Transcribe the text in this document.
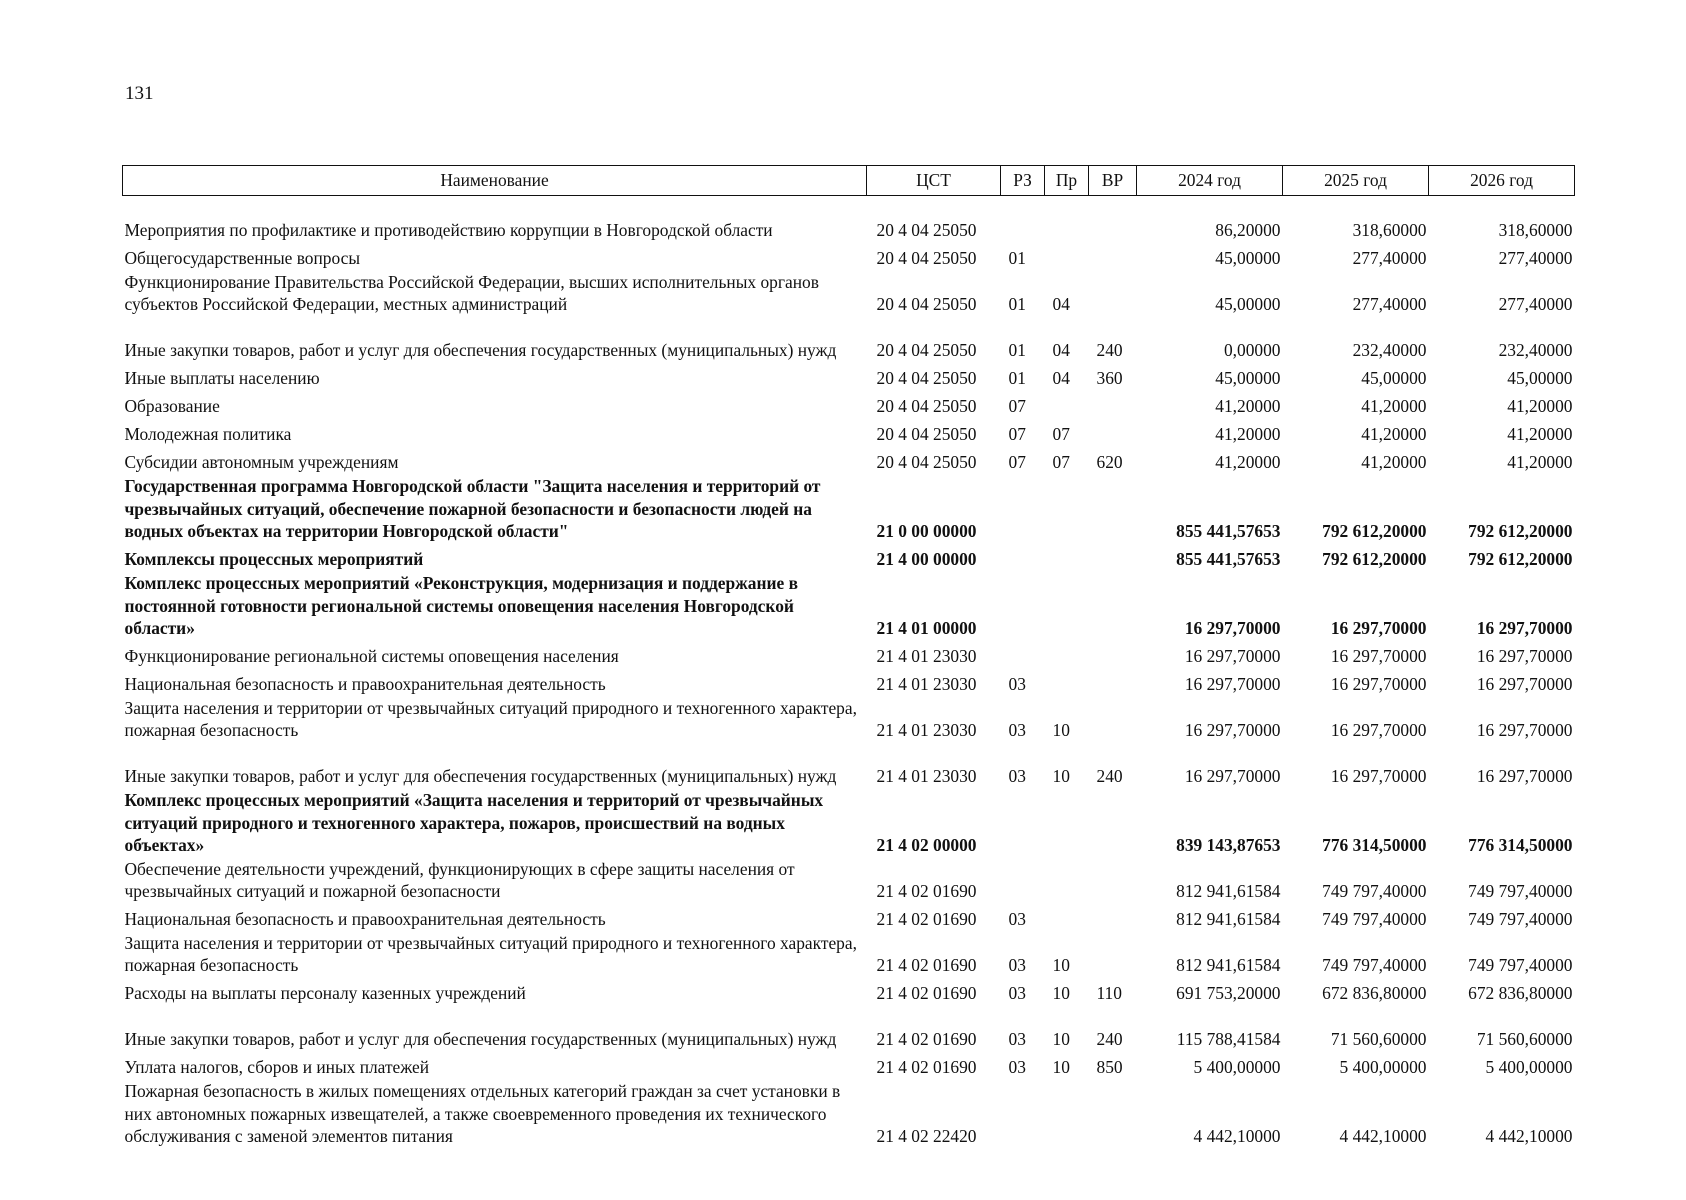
131
Наименование	ЦСТ	РЗ	Пр	ВР	2024 год	2025 год	2026 год
Мероприятия по профилактике и противодействию коррупции в Новгородской области	20 4 04 25050				86,20000	318,60000	318,60000
Общегосударственные вопросы	20 4 04 25050	01			45,00000	277,40000	277,40000
Функционирование Правительства Российской Федерации, высших исполнительных органов субъектов Российской Федерации, местных администраций	20 4 04 25050	01	04		45,00000	277,40000	277,40000
Иные закупки товаров, работ и услуг для обеспечения государственных (муниципальных) нужд	20 4 04 25050	01	04	240	0,00000	232,40000	232,40000
Иные выплаты населению	20 4 04 25050	01	04	360	45,00000	45,00000	45,00000
Образование	20 4 04 25050	07			41,20000	41,20000	41,20000
Молодежная политика	20 4 04 25050	07	07		41,20000	41,20000	41,20000
Субсидии автономным учреждениям	20 4 04 25050	07	07	620	41,20000	41,20000	41,20000
Государственная программа Новгородской области "Защита населения и территорий от чрезвычайных ситуаций, обеспечение пожарной безопасности и безопасности людей на водных объектах на территории Новгородской области"	21 0 00 00000				855 441,57653	792 612,20000	792 612,20000
Комплексы процессных мероприятий	21 4 00 00000				855 441,57653	792 612,20000	792 612,20000
Комплекс процессных мероприятий «Реконструкция, модернизация и поддержание в постоянной готовности региональной системы оповещения населения Новгородской области»	21 4 01 00000				16 297,70000	16 297,70000	16 297,70000
Функционирование региональной системы оповещения населения	21 4 01 23030				16 297,70000	16 297,70000	16 297,70000
Национальная безопасность и правоохранительная деятельность	21 4 01 23030	03			16 297,70000	16 297,70000	16 297,70000
Защита населения и территории от чрезвычайных ситуаций природного и техногенного характера, пожарная безопасность	21 4 01 23030	03	10		16 297,70000	16 297,70000	16 297,70000
Иные закупки товаров, работ и услуг для обеспечения государственных (муниципальных) нужд	21 4 01 23030	03	10	240	16 297,70000	16 297,70000	16 297,70000
Комплекс процессных мероприятий «Защита населения и территорий от чрезвычайных ситуаций природного и техногенного характера, пожаров, происшествий на водных объектах»	21 4 02 00000				839 143,87653	776 314,50000	776 314,50000
Обеспечение деятельности учреждений, функционирующих в сфере защиты населения от чрезвычайных ситуаций и пожарной безопасности	21 4 02 01690				812 941,61584	749 797,40000	749 797,40000
Национальная безопасность и правоохранительная деятельность	21 4 02 01690	03			812 941,61584	749 797,40000	749 797,40000
Защита населения и территории от чрезвычайных ситуаций природного и техногенного характера, пожарная безопасность	21 4 02 01690	03	10		812 941,61584	749 797,40000	749 797,40000
Расходы на выплаты персоналу казенных учреждений	21 4 02 01690	03	10	110	691 753,20000	672 836,80000	672 836,80000
Иные закупки товаров, работ и услуг для обеспечения государственных (муниципальных) нужд	21 4 02 01690	03	10	240	115 788,41584	71 560,60000	71 560,60000
Уплата налогов, сборов и иных платежей	21 4 02 01690	03	10	850	5 400,00000	5 400,00000	5 400,00000
Пожарная безопасность в жилых помещениях отдельных категорий граждан за счет установки в них автономных пожарных извещателей, а также своевременного проведения их технического обслуживания с заменой элементов питания	21 4 02 22420				4 442,10000	4 442,10000	4 442,10000
